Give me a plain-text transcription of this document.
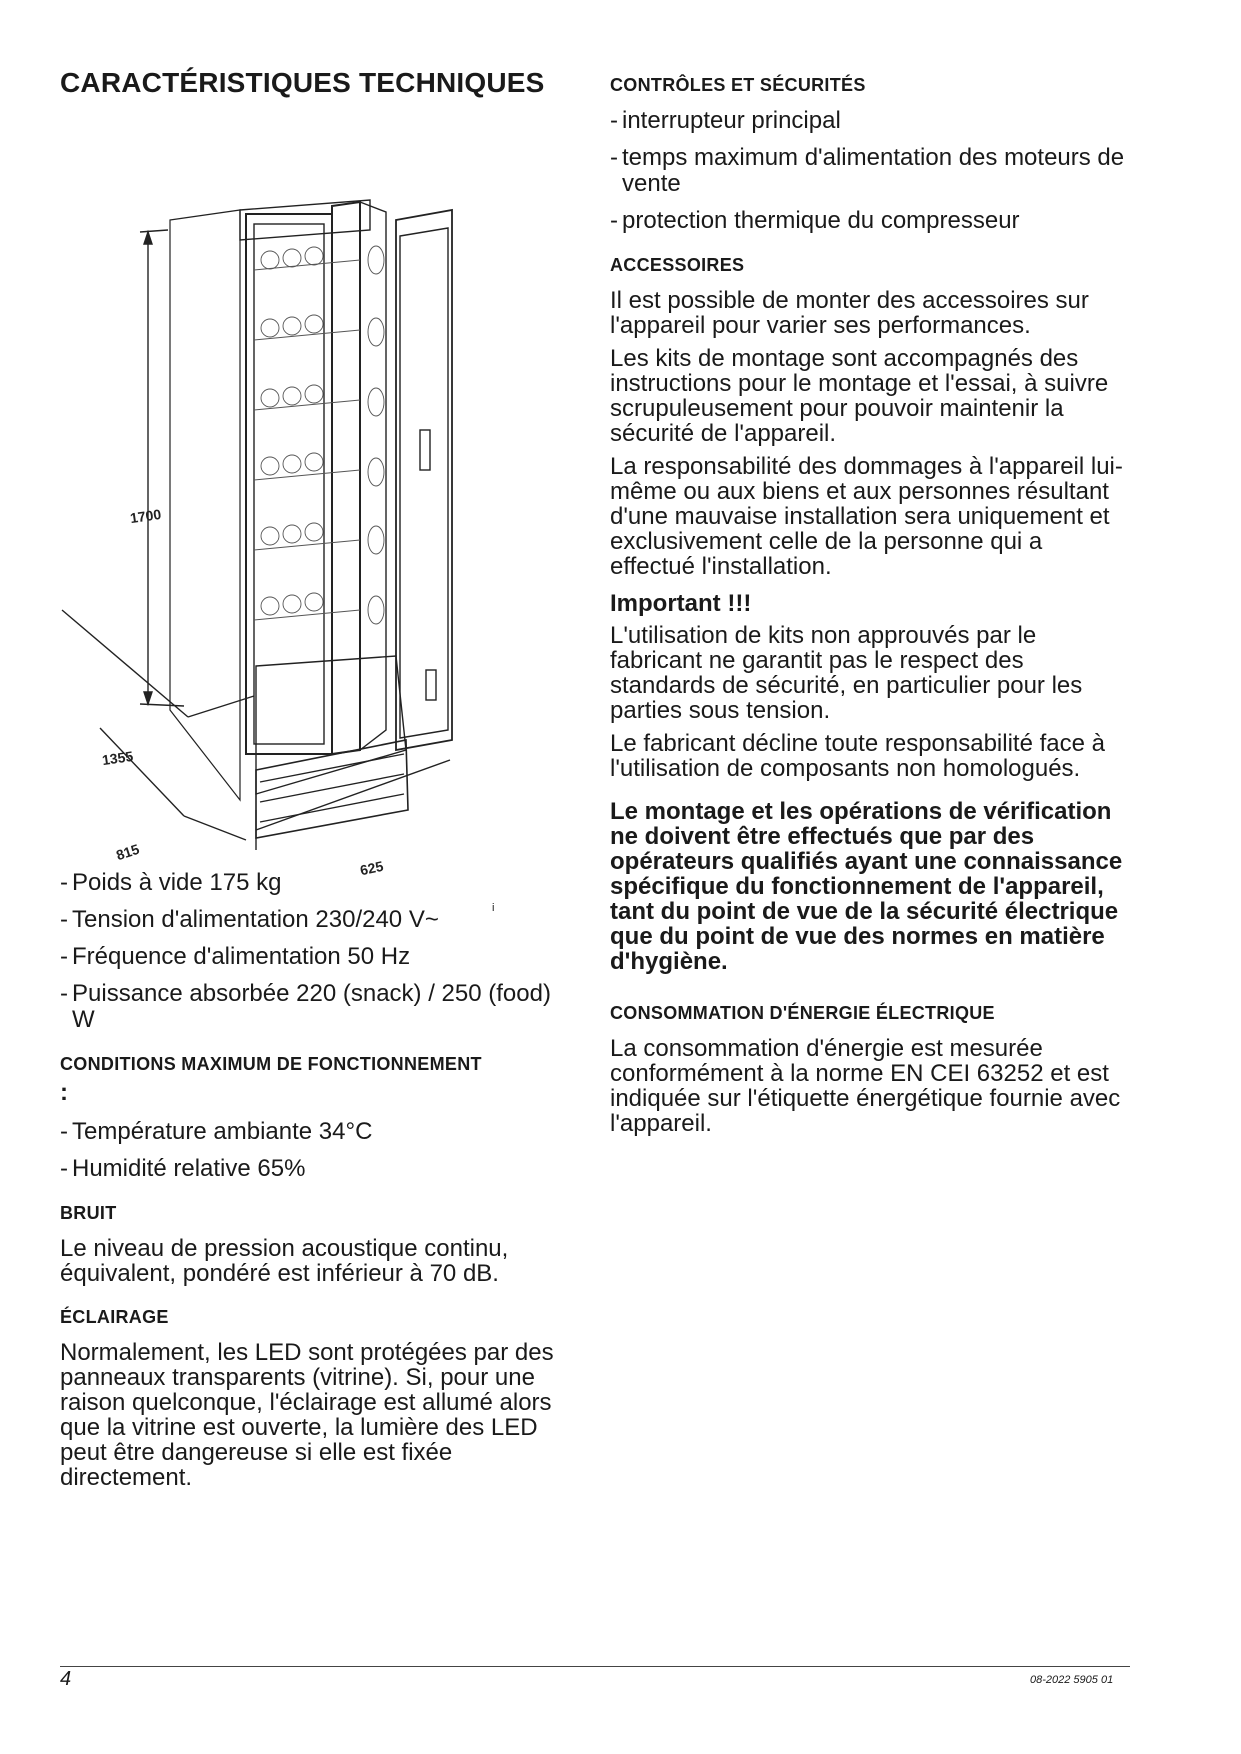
CARACTÉRISTIQUES TECHNIQUES
1700
1355
815
625
i
- Poids à vide 175 kg
- Tension d'alimentation 230/240 V~
- Fréquence d'alimentation 50 Hz
- Puissance absorbée 220 (snack) / 250 (food) W
CONDITIONS MAXIMUM DE FONCTIONNEMENT
:
- Température ambiante 34°C
- Humidité relative 65%
BRUIT

Le niveau de pression acoustique continu, équivalent, pondéré est inférieur à 70 dB.

ÉCLAIRAGE

Normalement, les LED sont protégées par des panneaux transparents (vitrine). Si, pour une raison quelconque, l'éclairage est allumé alors que la vitrine est ouverte, la lumière des LED peut être dangereuse si elle est fixée directement.

CONTRÔLES ET SÉCURITÉS
- interrupteur principal
- temps maximum d'alimentation des moteurs de vente
- protection thermique du compresseur
ACCESSOIRES

Il est possible de monter des accessoires sur l'appareil pour varier ses performances.

Les kits de montage sont accompagnés des instructions pour le montage et l'essai, à suivre scrupuleusement pour pouvoir maintenir la sécurité de l'appareil.

La responsabilité des dommages à l'appareil lui-même ou aux biens et aux personnes résultant d'une mauvaise installation sera uniquement et exclusivement celle de la personne qui a effectué l'installation.

Important !!!

L'utilisation de kits non approuvés par le fabricant ne garantit pas le respect des standards de sécurité, en particulier pour les parties sous tension.

Le fabricant décline toute responsabilité face à l'utilisation de composants non homologués.

Le montage et les opérations de vérification ne doivent être effectués que par des opérateurs qualifiés ayant une connaissance spécifique du fonctionnement de l'appareil, tant du point de vue de la sécurité électrique que du point de vue des normes en matière d'hygiène.

CONSOMMATION D'ÉNERGIE ÉLECTRIQUE

La consommation d'énergie est mesurée conformément à la norme EN CEI 63252 et est indiquée sur l'étiquette énergétique fournie avec l'appareil.

4	08-2022 5905 01
